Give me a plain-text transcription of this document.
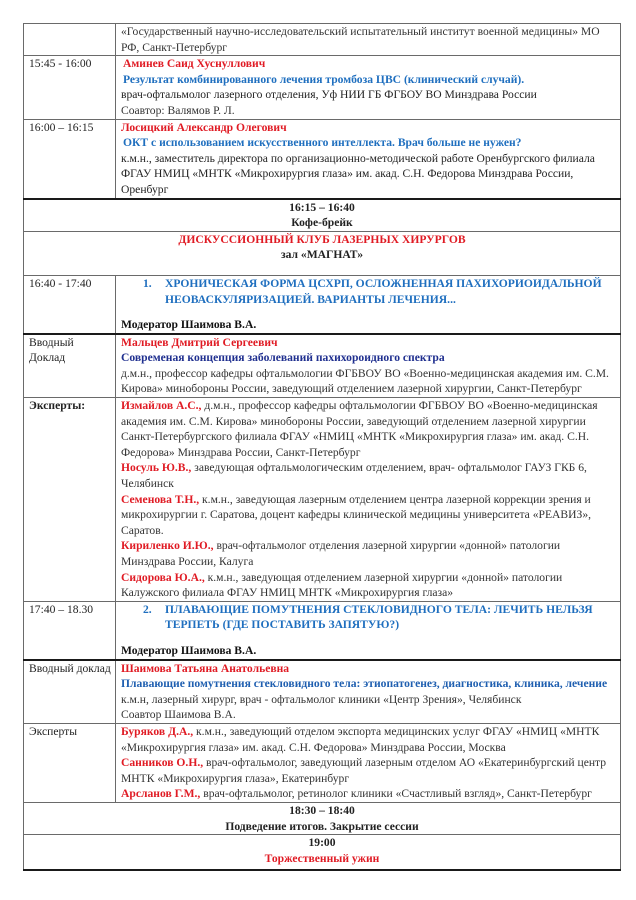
	«Государственный научно-исследовательский испытательный институт военной медицины» МО РФ, Санкт-Петербург
15:45 - 16:00	Аминев Саид Хуснуллович
Результат комбинированного лечения тромбоза ЦВС (клинический случай).
врач-офтальмолог лазерного отделения, Уф НИИ ГБ ФГБОУ ВО Минздрава России
Соавтор: Валямов Р. Л.

16:00 – 16:15	Лосицкий Александр Олегович
ОКТ с использованием искусственного интеллекта. Врач больше не нужен?
к.м.н., заместитель директора по организационно-методической работе Оренбургского филиала ФГАУ НМИЦ «МНТК «Микрохирургия глаза» им. акад. С.Н. Федорова Минздрава России, Оренбург

16:15 – 16:40
Кофе-брейк	

ДИСКУССИОННЫЙ КЛУБ ЛАЗЕРНЫХ ХИРУРГОВ
зал «МАГНАТ»	

16:40 - 17:40	1. ХРОНИЧЕСКАЯ ФОРМА ЦСХРП, ОСЛОЖНЕННАЯ ПАХИХОРИОИДАЛЬНОЙ НЕОВАСКУЛЯРИЗАЦИЕЙ. ВАРИАНТЫ ЛЕЧЕНИЯ...
Модератор Шаимова В.А.

Вводный Доклад	Мальцев Дмитрий Сергеевич
Современая концепция заболеваний пахихороидного спектра
д.м.н., профессор кафедры офтальмологии ФГБВОУ ВО «Военно-медицинская академия им. С.М. Кирова» минобороны России, заведующий отделением лазерной хирургии, Санкт-Петербург

Эксперты:	Измайлов А.С., д.м.н., профессор кафедры офтальмологии ФГБВОУ ВО «Военно-медицинская академия им. С.М. Кирова» минобороны России, заведующий отделением лазерной хирургии Санкт-Петербургского филиала ФГАУ «НМИЦ «МНТК «Микрохирургия глаза» им. акад. С.Н. Федорова» Минздрава России, Санкт-Петербург
Носуль Ю.В., заведующая офтальмологическим отделением, врач- офтальмолог ГАУЗ ГКБ 6, Челябинск
Семенова Т.Н., к.м.н., заведующая лазерным отделением центра лазерной коррекции зрения и микрохирургии г. Саратова, доцент кафедры клинической медицины университета «РЕАВИЗ», Саратов.
Кириленко И.Ю., врач-офтальмолог отделения лазерной хирургии «донной» патологии Минздрава России, Калуга
Сидорова Ю.А., к.м.н., заведующая отделением лазерной хирургии «донной» патологии Калужского филиала ФГАУ НМИЦ МНТК «Микрохирургия глаза»

17:40 – 18.30	2. ПЛАВАЮЩИЕ ПОМУТНЕНИЯ СТЕКЛОВИДНОГО ТЕЛА: ЛЕЧИТЬ НЕЛЬЗЯ ТЕРПЕТЬ (ГДЕ ПОСТАВИТЬ ЗАПЯТУЮ?)
Модератор Шаимова В.А.

Вводный доклад	Шаимова Татьяна Анатольевна
Плавающие помутнения стекловидного тела: этиопатогенез, диагностика, клиника, лечение
к.м.н, лазерный хирург, врач - офтальмолог клиники «Центр Зрения», Челябинск
Соавтор Шаимова В.А.

Эксперты	Буряков Д.А., к.м.н., заведующий отделом экспорта медицинских услуг ФГАУ «НМИЦ «МНТК «Микрохирургия глаза» им. акад. С.Н. Федорова» Минздрава России, Москва
Санников О.Н., врач-офтальмолог, заведующий лазерным отделом АО «Екатеринбургский центр МНТК «Микрохирургия глаза», Екатеринбург
Арсланов Г.М., врач-офтальмолог, ретинолог клиники «Счастливый взгляд», Санкт-Петербург

18:30 – 18:40
Подведение итогов. Закрытие сессии	

19:00
Торжественный ужин	
